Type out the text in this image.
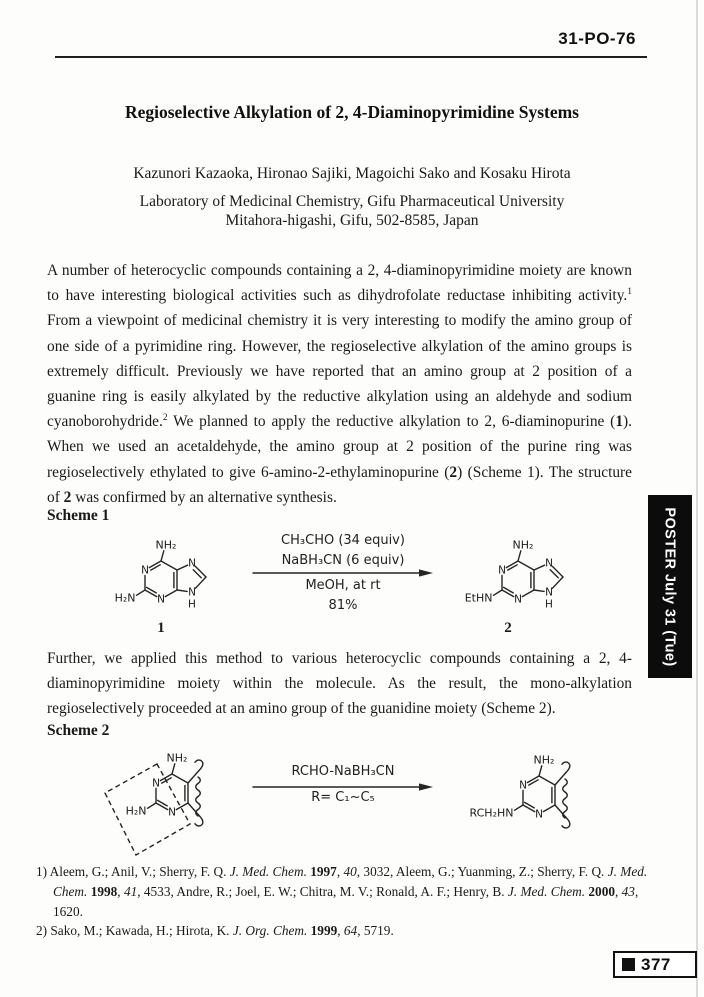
31-PO-76
Regioselective Alkylation of 2, 4-Diaminopyrimidine Systems
Kazunori Kazaoka, Hironao Sajiki, Magoichi Sako and Kosaku Hirota
Laboratory of Medicinal Chemistry, Gifu Pharmaceutical University
Mitahora-higashi, Gifu, 502-8585, Japan
A number of heterocyclic compounds containing a 2, 4-diaminopyrimidine moiety are known to have interesting biological activities such as dihydrofolate reductase inhibiting activity.$^1$ From a viewpoint of medicinal chemistry it is very interesting to modify the amino group of one side of a pyrimidine ring. However, the regioselective alkylation of the amino groups is extremely difficult. Previously we have reported that an amino group at 2 position of a guanine ring is easily alkylated by the reductive alkylation using an aldehyde and sodium cyanoborohydride.$^2$ We planned to apply the reductive alkylation to 2, 6-diaminopurine (1). When we used an acetaldehyde, the amino group at 2 position of the purine ring was regioselectively ethylated to give 6-amino-2-ethylaminopurine (2) (Scheme 1). The structure of 2 was confirmed by an alternative synthesis.
Scheme 1
N
N
N
N
H
NH₂
H₂N
1
CH₃CHO (34 equiv)
NaBH₃CN (6 equiv)
MeOH, at rt
81%
N
N
N
N
H
NH₂
EtHN
2
Further, we applied this method to various heterocyclic compounds containing a 2, 4-diaminopyrimidine moiety within the molecule. As the result, the mono-alkylation regioselectively proceeded at an amino group of the guanidine moiety (Scheme 2).
Scheme 2
N
N
NH₂
H₂N
RCHO-NaBH₃CN
R= C₁~C₅
N
N
NH₂
RCH₂HN
1) Aleem, G.; Anil, V.; Sherry, F. Q. J. Med. Chem. 1997, 40, 3032, Aleem, G.; Yuanming, Z.; Sherry, F. Q. J. Med. Chem. 1998, 41, 4533, Andre, R.; Joel, E. W.; Chitra, M. V.; Ronald, A. F.; Henry, B. J. Med. Chem. 2000, 43, 1620.
2) Sako, M.; Kawada, H.; Hirota, K. J. Org. Chem. 1999, 64, 5719.
POSTER July 31 (Tue)
377
